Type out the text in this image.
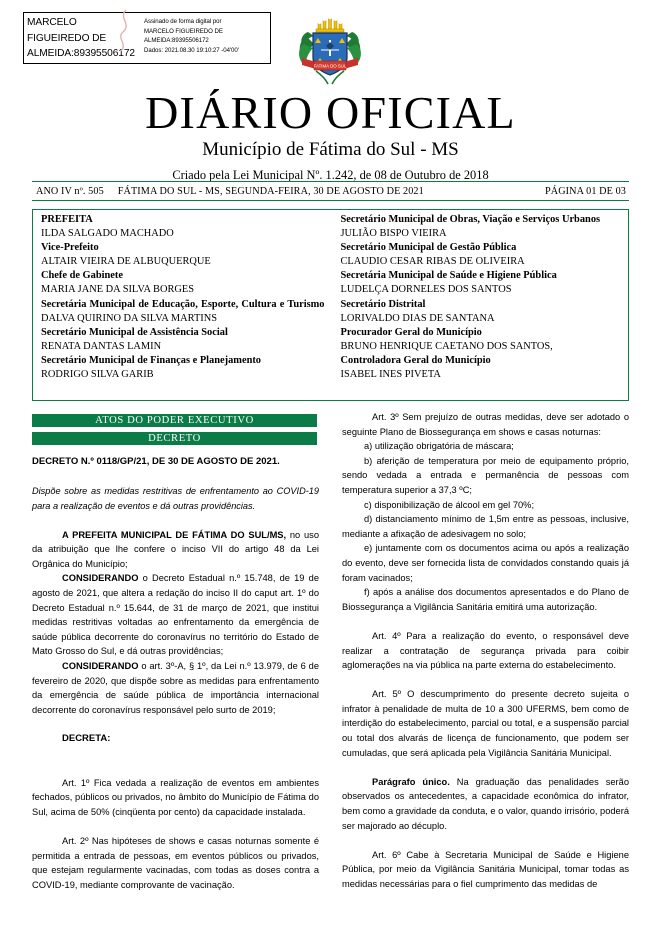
MARCELO FIGUEIREDO DE ALMEIDA:89395506172
Assinado de forma digital por
MARCELO FIGUEIREDO DE
ALMEIDA:89395506172
Dados: 2021.08.30 19:10:27 -04'00'
FATIMA DO SUL
DIÁRIO OFICIAL
Município de Fátima do Sul - MS
Criado pela Lei Municipal Nº. 1.242, de 08 de Outubro de 2018
ANO IV nº. 505	FÁTIMA DO SUL - MS, SEGUNDA-FEIRA, 30 DE AGOSTO DE 2021	PÁGINA 01 DE 03
PREFEITA
ILDA SALGADO MACHADO
Vice-Prefeito
ALTAIR VIEIRA DE ALBUQUERQUE
Chefe de Gabinete
MARIA JANE DA SILVA BORGES
Secretária Municipal de Educação, Esporte, Cultura e Turismo
DALVA QUIRINO DA SILVA MARTINS
Secretário Municipal de Assistência Social
RENATA DANTAS LAMIN
Secretário Municipal de Finanças e Planejamento
RODRIGO SILVA GARIB
Secretário Municipal de Obras, Viação e Serviços Urbanos
JULIÃO BISPO VIEIRA
Secretário Municipal de Gestão Pública
CLAUDIO CESAR RIBAS DE OLIVEIRA
Secretária Municipal de Saúde e Higiene Pública
LUDELÇA DORNELES DOS SANTOS
Secretário Distrital
LORIVALDO DIAS DE SANTANA
Procurador Geral do Município
BRUNO HENRIQUE CAETANO DOS SANTOS,
Controladora Geral do Município
ISABEL INES PIVETA
ATOS DO PODER EXECUTIVO
DECRETO

DECRETO N.º 0118/GP/21, DE 30 DE AGOSTO DE 2021.

Dispõe sobre as medidas restritivas de enfrentamento ao COVID-19 para a realização de eventos e dá outras providências.

A PREFEITA MUNICIPAL DE FÁTIMA DO SUL/MS, no uso da atribuição que lhe confere o inciso VII do artigo 48 da Lei Orgânica do Município;

CONSIDERANDO o Decreto Estadual n.º 15.748, de 19 de agosto de 2021, que altera a redação do inciso II do caput art. 1º do Decreto Estadual n.º 15.644, de 31 de março de 2021, que institui medidas restritivas voltadas ao enfrentamento da emergência de saúde pública decorrente do coronavírus no território do Estado de Mato Grosso do Sul, e dá outras providências;

CONSIDERANDO o art. 3º-A, § 1º, da Lei n.º 13.979, de 6 de fevereiro de 2020, que dispõe sobre as medidas para enfrentamento da emergência de saúde pública de importância internacional decorrente do coronavírus responsável pelo surto de 2019;

DECRETA:

Art. 1º Fica vedada a realização de eventos em ambientes fechados, públicos ou privados, no âmbito do Município de Fátima do Sul, acima de 50% (cinqüenta por cento) da capacidade instalada.

Art. 2º Nas hipóteses de shows e casas noturnas somente é permitida a entrada de pessoas, em eventos públicos ou privados, que estejam regularmente vacinadas, com todas as doses contra a COVID-19, mediante comprovante de vacinação.

Art. 3º Sem prejuízo de outras medidas, deve ser adotado o seguinte Plano de Biossegurança em shows e casas noturnas:

a) utilização obrigatória de máscara;

b) aferição de temperatura por meio de equipamento próprio, sendo vedada a entrada e permanência de pessoas com temperatura superior a 37,3 ºC;

c) disponibilização de álcool em gel 70%;

d) distanciamento mínimo de 1,5m entre as pessoas, inclusive, mediante a afixação de adesivagem no solo;

e) juntamente com os documentos acima ou após a realização do evento, deve ser fornecida lista de convidados constando quais já foram vacinados;

f) após a análise dos documentos apresentados e do Plano de Biossegurança a Vigilância Sanitária emitirá uma autorização.

Art. 4º Para a realização do evento, o responsável deve realizar a contratação de segurança privada para coibir aglomerações na via pública na parte externa do estabelecimento.

Art. 5º O descumprimento do presente decreto sujeita o infrator à penalidade de multa de 10 a 300 UFERMS, bem como de interdição do estabelecimento, parcial ou total, e a suspensão parcial ou total dos alvarás de licença de funcionamento, que podem ser cumuladas, que será aplicada pela Vigilância Sanitária Municipal.

Parágrafo único. Na graduação das penalidades serão observados os antecedentes, a capacidade econômica do infrator, bem como a gravidade da conduta, e o valor, quando irrisório, poderá ser majorado ao décuplo.

Art. 6º Cabe à Secretaria Municipal de Saúde e Higiene Pública, por meio da Vigilância Sanitária Municipal, tomar todas as medidas necessárias para o fiel cumprimento das medidas de
